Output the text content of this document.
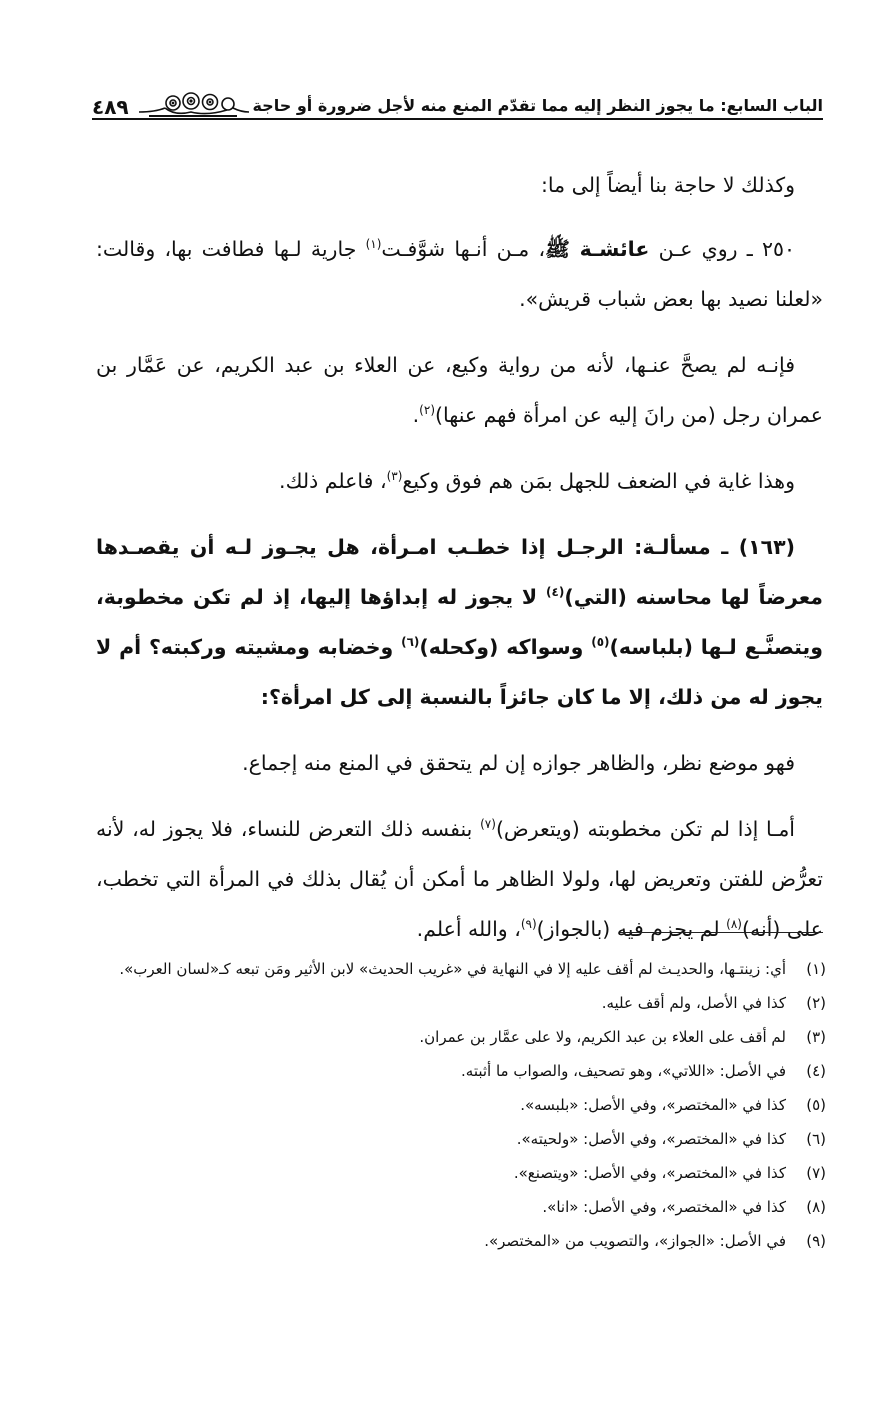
الباب السابع: ما يجوز النظر إليه مما تقدّم المنع منه لأجل ضرورة أو حاجة
٤٨٩

وكذلك لا حاجة بنا أيضاً إلى ما:

٢٥٠ ـ روي عـن عائشـة ﷺ، مـن أنـها شوَّفـت$^{(١)}$ جارية لـها فطافت بها، وقالت: «لعلنا نصيد بها بعض شباب قريش».

فإنـه لم يصحَّ عنـها، لأنه من رواية وكيع، عن العلاء بن عبد الكريم، عن عَمَّار بن عمران رجل (من رانَ إليه عن امرأة فهم عنها)$^{(٢)}$.

وهذا غاية في الضعف للجهل بمَن هم فوق وكيع$^{(٣)}$، فاعلم ذلك.

(١٦٣) ـ مسألـة: الرجـل إذا خطـب امـرأة، هل يجـوز لـه أن يقصـدها معرضاً لها محاسنه (التي)$^{(٤)}$ لا يجوز له إبداؤها إليها، إذ لم تكن مخطوبة، ويتصنَّـع لـها (بلباسه)$^{(٥)}$ وسواكه (وكحله)$^{(٦)}$ وخضابه ومشيته وركبته؟ أم لا يجوز له من ذلك، إلا ما كان جائزاً بالنسبة إلى كل امرأة؟:

فهو موضع نظر، والظاهر جوازه إن لم يتحقق في المنع منه إجماع.

أمـا إذا لم تكن مخطوبته (ويتعرض)$^{(٧)}$ بنفسه ذلك التعرض للنساء، فلا يجوز له، لأنه تعرُّض للفتن وتعريض لها، ولولا الظاهر ما أمكن أن يُقال بذلك في المرأة التي تخطب، على (أنه)$^{(٨)}$ لم يجزم فيه (بالجواز)$^{(٩)}$، والله أعلم.

(١)
أي: زينتـها، والحديـث لم أقف عليه إلا في النهاية في «غريب الحديث» لابن الأثير ومَن تبعه كـ«لسان العرب».
(٢)
كذا في الأصل، ولم أقف عليه.
(٣)
لم أقف على العلاء بن عبد الكريم، ولا على عمَّار بن عمران.
(٤)
في الأصل: «اللاتي»، وهو تصحيف، والصواب ما أثبته.
(٥)
كذا في «المختصر»، وفي الأصل: «بلبسه».
(٦)
كذا في «المختصر»، وفي الأصل: «ولحيته».
(٧)
كذا في «المختصر»، وفي الأصل: «ويتصنع».
(٨)
كذا في «المختصر»، وفي الأصل: «انا».
(٩)
في الأصل: «الجواز»، والتصويب من «المختصر».
